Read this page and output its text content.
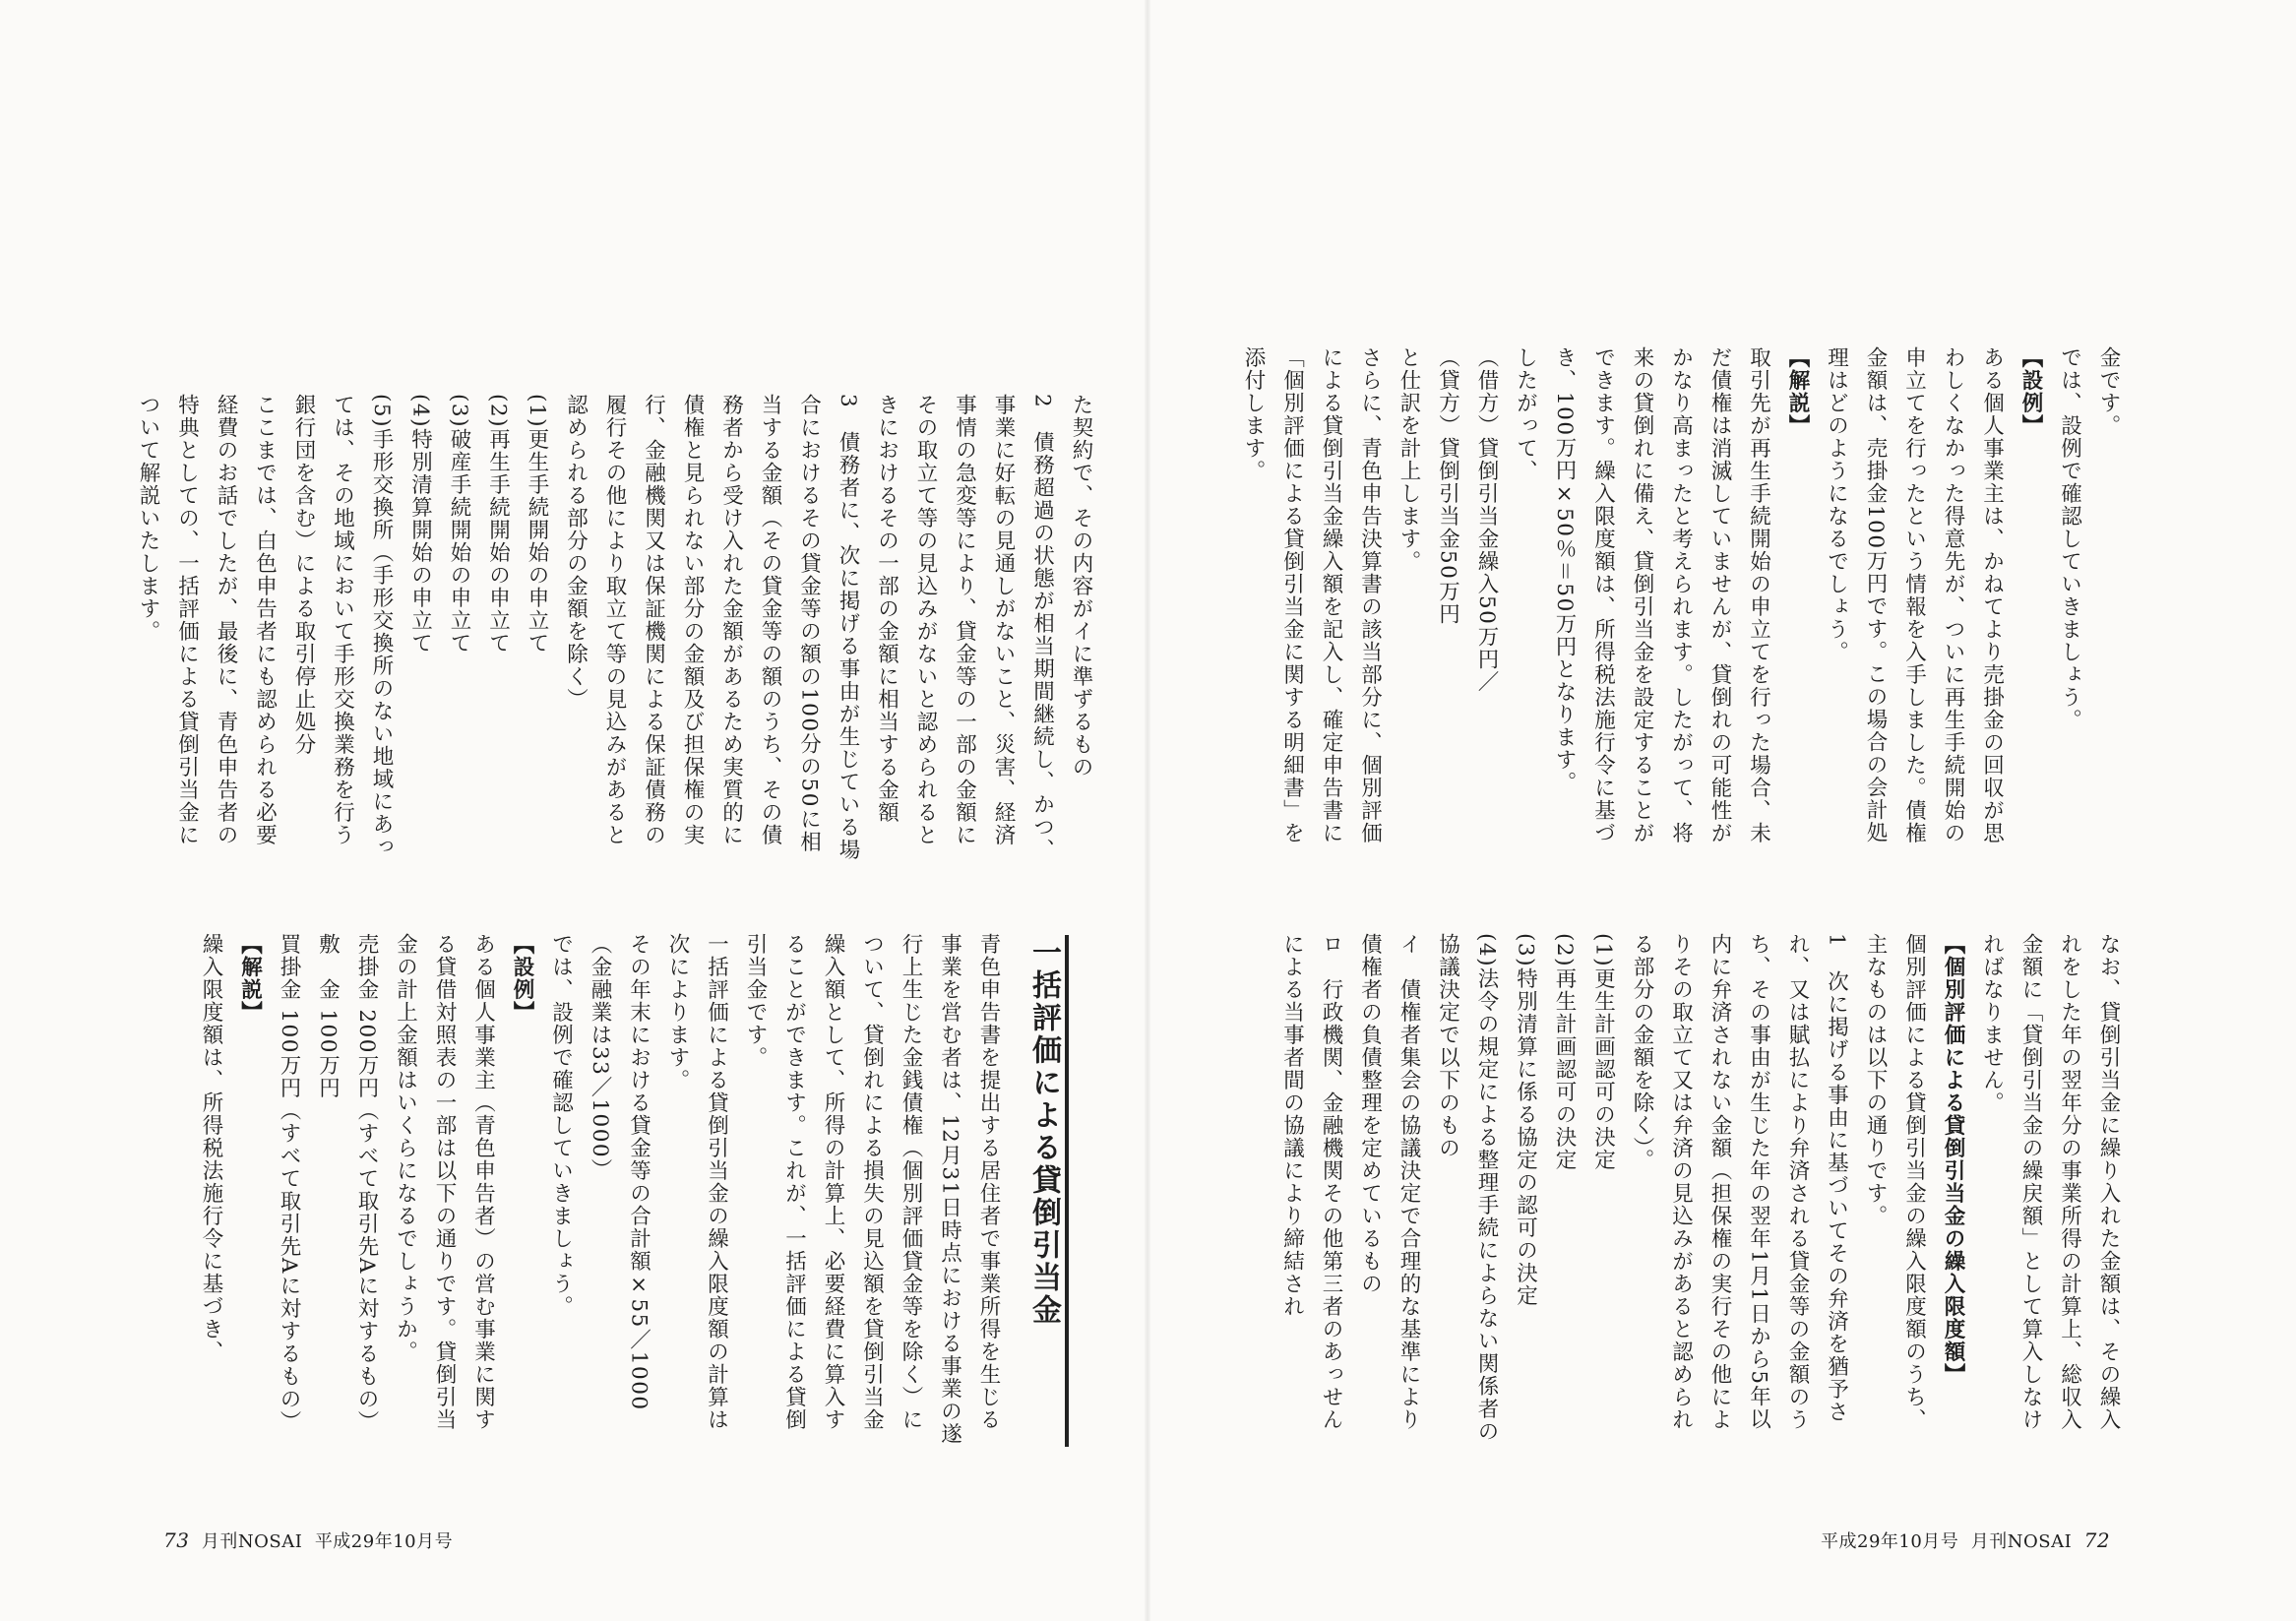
金です。

では、設例で確認していきましょう。

【設例】

ある個人事業主は、かねてより売掛金の回収が思わしくなかった得意先が、ついに再生手続開始の申立てを行ったという情報を入手しました。債権金額は、売掛金100万円です。この場合の会計処理はどのようになるでしょう。

【解説】

取引先が再生手続開始の申立てを行った場合、未だ債権は消滅していませんが、貸倒れの可能性がかなり高まったと考えられます。したがって、将来の貸倒れに備え、貸倒引当金を設定することができます。繰入限度額は、所得税法施行令に基づき、100万円×50％＝50万円となります。

したがって、

（借方）貸倒引当金繰入50万円／

（貸方）貸倒引当金50万円

と仕訳を計上します。

さらに、青色申告決算書の該当部分に、個別評価による貸倒引当金繰入額を記入し、確定申告書に「個別評価による貸倒引当金に関する明細書」を添付します。

なお、貸倒引当金に繰り入れた金額は、その繰入れをした年の翌年分の事業所得の計算上、総収入金額に「貸倒引当金の繰戻額」として算入しなければなりません。

【個別評価による貸倒引当金の繰入限度額】

個別評価による貸倒引当金の繰入限度額のうち、主なものは以下の通りです。

1　次に掲げる事由に基づいてその弁済を猶予され、又は賦払により弁済される貸金等の金額のうち、その事由が生じた年の翌年1月1日から5年以内に弁済されない金額（担保権の実行その他によりその取立て又は弁済の見込みがあると認められる部分の金額を除く）。

(1)更生計画認可の決定

(2)再生計画認可の決定

(3)特別清算に係る協定の認可の決定

(4)法令の規定による整理手続によらない関係者の協議決定で以下のもの

イ　債権者集会の協議決定で合理的な基準により債権者の負債整理を定めているもの

ロ　行政機関、金融機関その他第三者のあっせんによる当事者間の協議により締結され

平成29年10月号 月刊NOSAI 72

た契約で、その内容がイに準ずるもの

2　債務超過の状態が相当期間継続し、かつ、事業に好転の見通しがないこと、災害、経済事情の急変等により、貸金等の一部の金額にその取立て等の見込みがないと認められるときにおけるその一部の金額に相当する金額

3　債務者に、次に掲げる事由が生じている場合におけるその貸金等の額の100分の50に相当する金額（その貸金等の額のうち、その債務者から受け入れた金額があるため実質的に債権と見られない部分の金額及び担保権の実行、金融機関又は保証機関による保証債務の履行その他により取立て等の見込みがあると認められる部分の金額を除く）

(1)更生手続開始の申立て

(2)再生手続開始の申立て

(3)破産手続開始の申立て

(4)特別清算開始の申立て

(5)手形交換所（手形交換所のない地域にあっては、その地域において手形交換業務を行う銀行団を含む）による取引停止処分

ここまでは、白色申告者にも認められる必要経費のお話でしたが、最後に、青色申告者の特典としての、一括評価による貸倒引当金について解説いたします。

一括評価による貸倒引当金

青色申告書を提出する居住者で事業所得を生じる事業を営む者は、12月31日時点における事業の遂行上生じた金銭債権（個別評価貸金等を除く）について、貸倒れによる損失の見込額を貸倒引当金繰入額として、所得の計算上、必要経費に算入することができます。これが、一括評価による貸倒引当金です。

一括評価による貸倒引当金の繰入限度額の計算は次によります。

その年末における貸金等の合計額×55／1000

（金融業は33／1000）

では、設例で確認していきましょう。

【設例】

ある個人事業主（青色申告者）の営む事業に関する貸借対照表の一部は以下の通りです。貸倒引当金の計上金額はいくらになるでしょうか。

売掛金 200万円（すべて取引先Aに対するもの）

敷　金 100万円

買掛金 100万円（すべて取引先Aに対するもの）

【解説】

繰入限度額は、所得税法施行令に基づき、

73 月刊NOSAI 平成29年10月号
